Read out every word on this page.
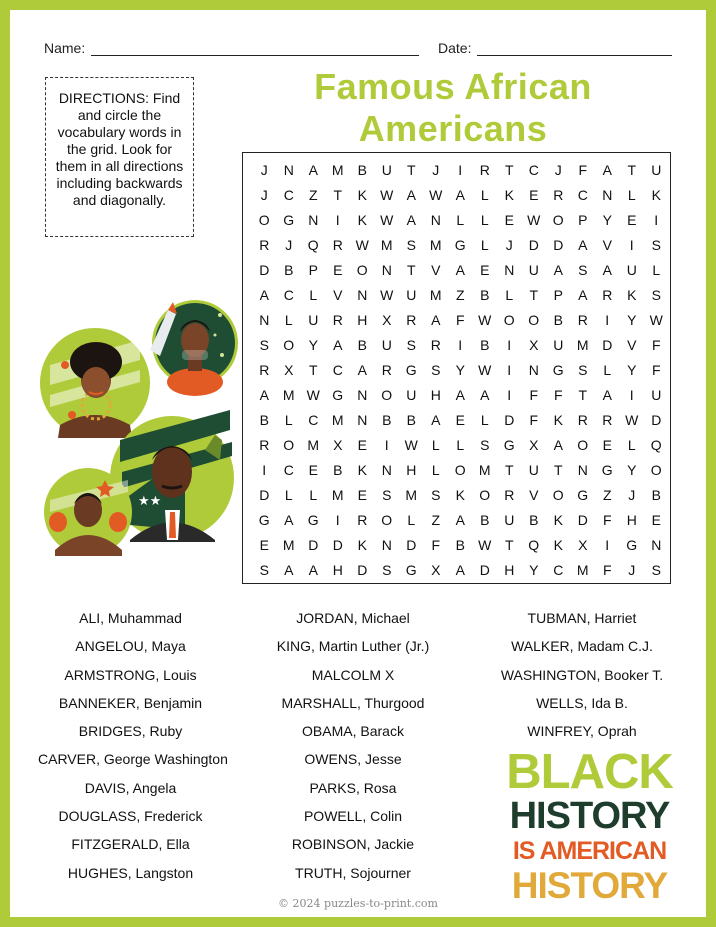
Name:	Date:
Famous African
Americans
DIRECTIONS: Find and circle the vocabulary words in the grid. Look for them in all directions including backwards and diagonally.
★★
J	N	A M	B	U	T	J	I	R	T	C	J	F	A	T	U
J	C	Z	T	K W A W A	L	K	E	R	C	N	L	K
O G	N	I	K W A	N	L	L	E W O	P	Y	E	I
R	J	Q	R W M	S M G	L	J	D	D	A	V	I	S
D	B	P	E	O	N	T	V	A	E	N	U	A	S	A	U	L
A	C	L	V	N W U M	Z	B	L	T	P	A	R	K	S
N	L	U	R	H	X	R	A	F W O O	B	R	I	Y W
S	O	Y	A	B	U	S	R	I	B	I	X	U M D	V	F
R	X	T	C	A	R G	S	Y W	I	N G	S	L	Y	F
A M W G	N O	U	H	A	A	I	F	F	T	A	I	U
B	L	C M N	B	B	A	E	L	D	F	K	R	R W D
R O M	X	E	I	W L	L	S	G	X	A	O	E	L	Q
I	C	E	B	K	N	H	L	O M	T	U	T	N G	Y	O
D	L	L	M	E	S M	S	K	O	R	V	O G	Z	J	B
G	A	G	I	R O	L	Z	A	B	U	B	K	D	F	H	E
E M D	D	K	N	D	F	B W T	Q	K	X	I	G	N
S	A	A	H	D	S	G	X	A	D	H	Y	C M	F	J	S
ALI, Muhammad
ANGELOU, Maya
ARMSTRONG, Louis
BANNEKER, Benjamin
BRIDGES, Ruby
CARVER, George Washington
DAVIS, Angela
DOUGLASS, Frederick
FITZGERALD, Ella
HUGHES, Langston
JORDAN, Michael
KING, Martin Luther (Jr.)
MALCOLM X
MARSHALL, Thurgood
OBAMA, Barack
OWENS, Jesse
PARKS, Rosa
POWELL, Colin
ROBINSON, Jackie
TRUTH, Sojourner
TUBMAN, Harriet
WALKER, Madam C.J.
WASHINGTON, Booker T.
WELLS, Ida B.
WINFREY, Oprah
BLACK
HISTORY
IS AMERICAN
HISTORY
© 2024 puzzles-to-print.com
